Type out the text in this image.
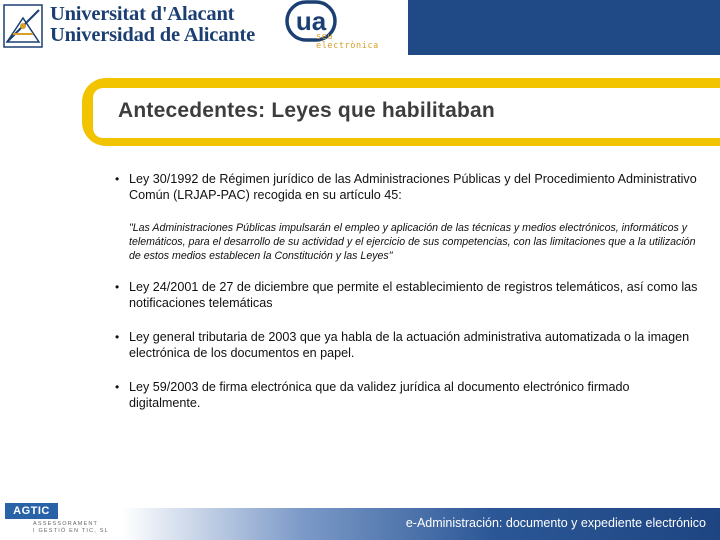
Universitat d'Alacant
Universidad de Alicante ua
seu
electrònica
Antecedentes: Leyes que habilitaban
• Ley 30/1992 de Régimen jurídico de las Administraciones Públicas y del Procedimiento Administrativo Común (LRJAP-PAC) recogida en su artículo 45:
"Las Administraciones Públicas impulsarán el empleo y aplicación de las técnicas y medios electrónicos, informáticos y telemáticos, para el desarrollo de su actividad y el ejercicio de sus competencias, con las limitaciones que a la utilización de estos medios establecen la Constitución y las Leyes"
• Ley 24/2001 de 27 de diciembre que permite el establecimiento de registros telemáticos, así como las notificaciones telemáticas
• Ley general tributaria de 2003 que ya habla de la actuación administrativa automatizada o la imagen electrónica de los documentos en papel.
• Ley 59/2003 de firma electrónica que da validez jurídica al documento electrónico firmado digitalmente.
AGTIC
ASSESSORAMENT
I GESTIÓ EN TIC, SL
e-Administración: documento y expediente electrónico
